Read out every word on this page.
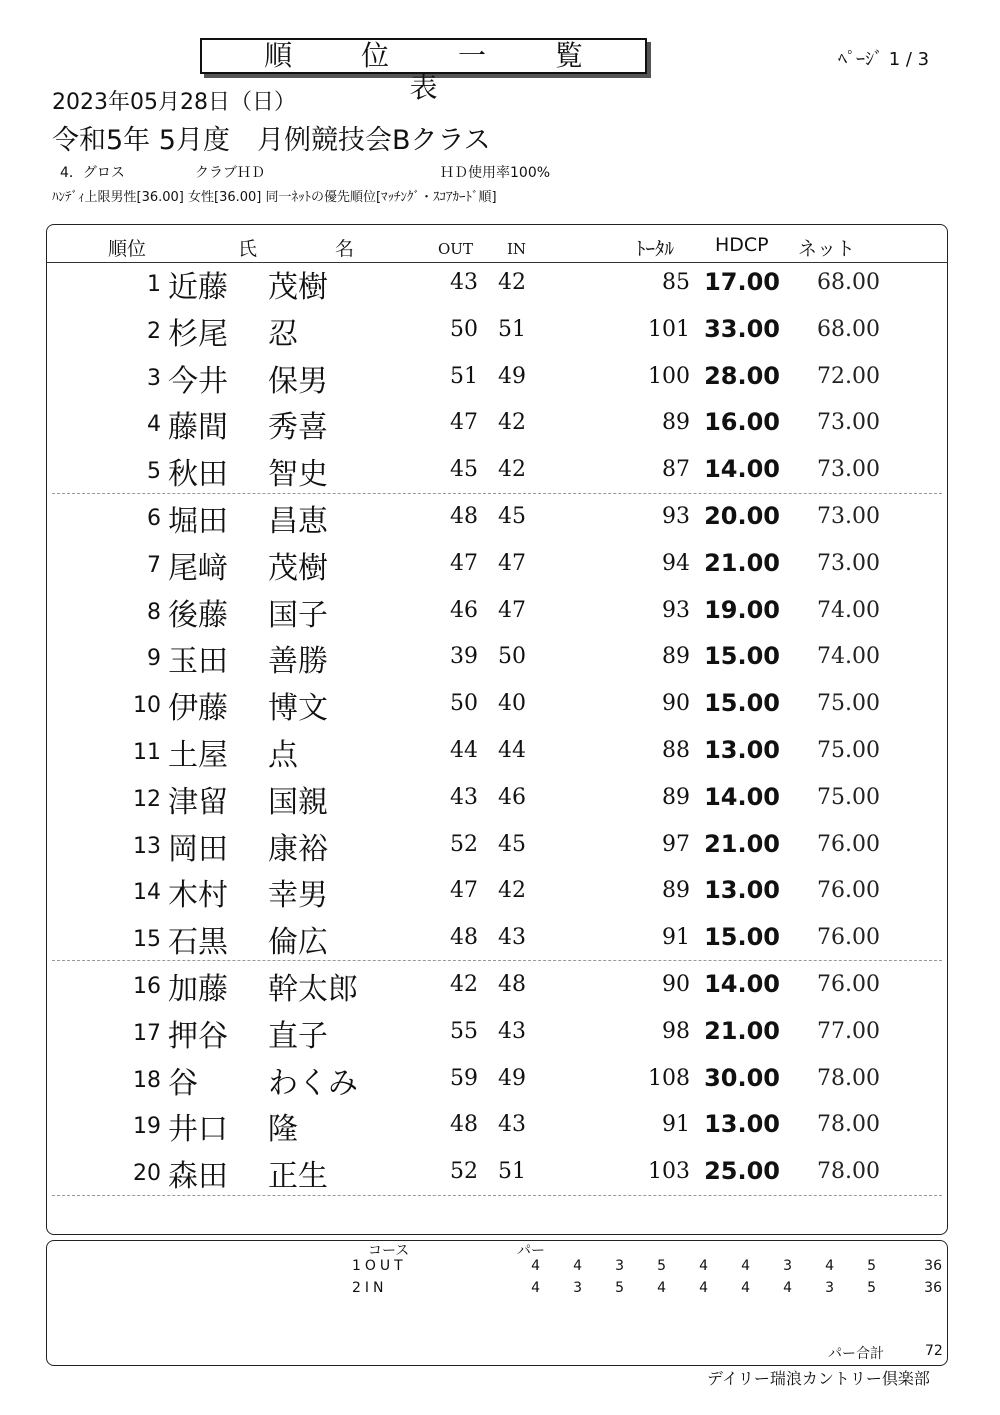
順 位 一 覧 表
ﾍﾟｰｼﾞ 1 / 3
2023年05月28日（日）
令和5年 5月度　月例競技会Bクラス
4．グロス	クラブＨＤ	ＨＤ使用率100%
ﾊﾝﾃﾞｨ上限男性[36.00] 女性[36.00] 同一ﾈｯﾄの優先順位[ﾏｯﾁﾝｸﾞ・ｽｺｱｶｰﾄﾞ順]
順位	氏	名	OUT IN	ﾄｰﾀﾙ HDCP ネット
1 近藤 茂樹	43 42	85 17.00	68.00
2 杉尾 忍	50 51	101 33.00	68.00
3 今井 保男	51 49	100 28.00	72.00
4 藤間 秀喜	47 42	89 16.00	73.00
5 秋田 智史	45 42	87 14.00	73.00
6 堀田 昌恵	48 45	93 20.00	73.00
7 尾﨑 茂樹	47 47	94 21.00	73.00
8 後藤 国子	46 47	93 19.00	74.00
9 玉田 善勝	39 50	89 15.00	74.00
10 伊藤 博文	50 40	90 15.00	75.00
11 土屋 点	44 44	88 13.00	75.00
12 津留 国親	43 46	89 14.00	75.00
13 岡田 康裕	52 45	97 21.00	76.00
14 木村 幸男	47 42	89 13.00	76.00
15 石黒 倫広	48 43	91 15.00	76.00
16 加藤 幹太郎	42 48	90 14.00	76.00
17 押谷 直子	55 43	98 21.00	77.00
18 谷 わくみ	59 49	108 30.00	78.00
19 井口 隆	48 43	91 13.00	78.00
20 森田 正生	52 51	103 25.00	78.00
コース	パー
1OUT	4	4	3	5	4	4	3	4	5	36
2IN	4	3	5	4	4	4	4	3	5	36
パー合計	72
デイリー瑞浪カントリー倶楽部
